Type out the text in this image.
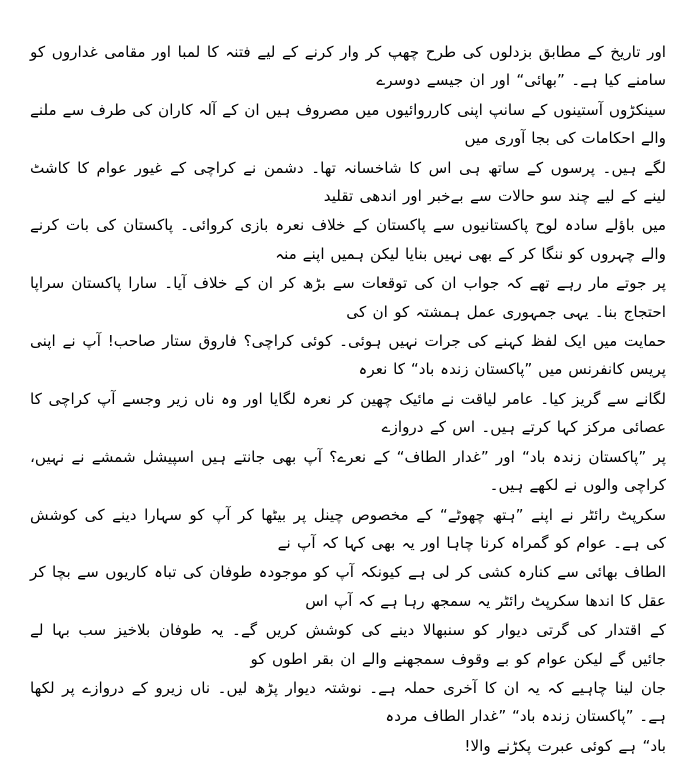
اور تاریخ کے مطابق بزدلوں کی طرح چھپ کر وار کرنے کے لیے فتنہ کا لمبا اور مقامی غداروں کو سامنے کیا ہے۔ ”بھائی“ اور ان جیسے دوسرے

سینکڑوں آستینوں کے سانپ اپنی کارروائیوں میں مصروف ہیں ان کے آلہ کاران کی طرف سے ملنے والے احکامات کی بجا آوری میں

لگے ہیں۔ پرسوں کے ساتھ ہی اس کا شاخسانہ تھا۔ دشمن نے کراچی کے غیور عوام کا کاشٹ لینے کے لیے چند سو حالات سے بےخبر اور اندھی تقلید

میں باؤلے سادہ لوح پاکستانیوں سے پاکستان کے خلاف نعرہ بازی کروائی۔ پاکستان کی بات کرنے والے چہروں کو ننگا کر کے بھی نہیں بنایا لیکن ہمیں اپنے منہ

پر جوتے مار رہے تھے کہ جواب ان کی توقعات سے بڑھ کر ان کے خلاف آیا۔ سارا پاکستان سراپا احتجاج بنا۔ یہی جمہوری عمل ہمشتہ کو ان کی

حمایت میں ایک لفظ کہنے کی جرات نہیں ہوئی۔ کوئی کراچی؟ فاروق ستار صاحب! آپ نے اپنی پریس کانفرنس میں ”پاکستان زندہ باد“ کا نعرہ

لگانے سے گریز کیا۔ عامر لیاقت نے مائیک چھین کر نعرہ لگایا اور وہ ناں زیر وجسے آپ کراچی کا عصائی مرکز کہا کرتے ہیں۔ اس کے دروازے

پر ”پاکستان زندہ باد“ اور ”غدار الطاف“ کے نعرے؟ آپ بھی جانتے ہیں اسپیشل شمشے نے نہیں، کراچی والوں نے لکھے ہیں۔

سکرپٹ رائٹر نے اپنے ”ہتھ چھوٹے“ کے مخصوص چینل پر بیٹھا کر آپ کو سہارا دینے کی کوشش کی ہے۔ عوام کو گمراہ کرنا چاہا اور یہ بھی کہا کہ آپ نے

الطاف بھائی سے کنارہ کشی کر لی ہے کیونکہ آپ کو موجودہ طوفان کی تباہ کاریوں سے بچا کر عقل کا اندھا سکرپٹ رائٹر یہ سمجھ رہا ہے کہ آپ اس

کے اقتدار کی گرتی دیوار کو سنبھالا دینے کی کوشش کریں گے۔ یہ طوفان بلاخیز سب بہا لے جائیں گے لیکن عوام کو بے وقوف سمجھنے والے ان بقر اطوں کو

جان لینا چاہیے کہ یہ ان کا آخری حملہ ہے۔ نوشتہ دیوار پڑھ لیں۔ ناں زیرو کے دروازے پر لکھا ہے۔ ”پاکستان زندہ باد“ ”غدار الطاف مردہ

باد“ ہے کوئی عبرت پکڑنے والا!
